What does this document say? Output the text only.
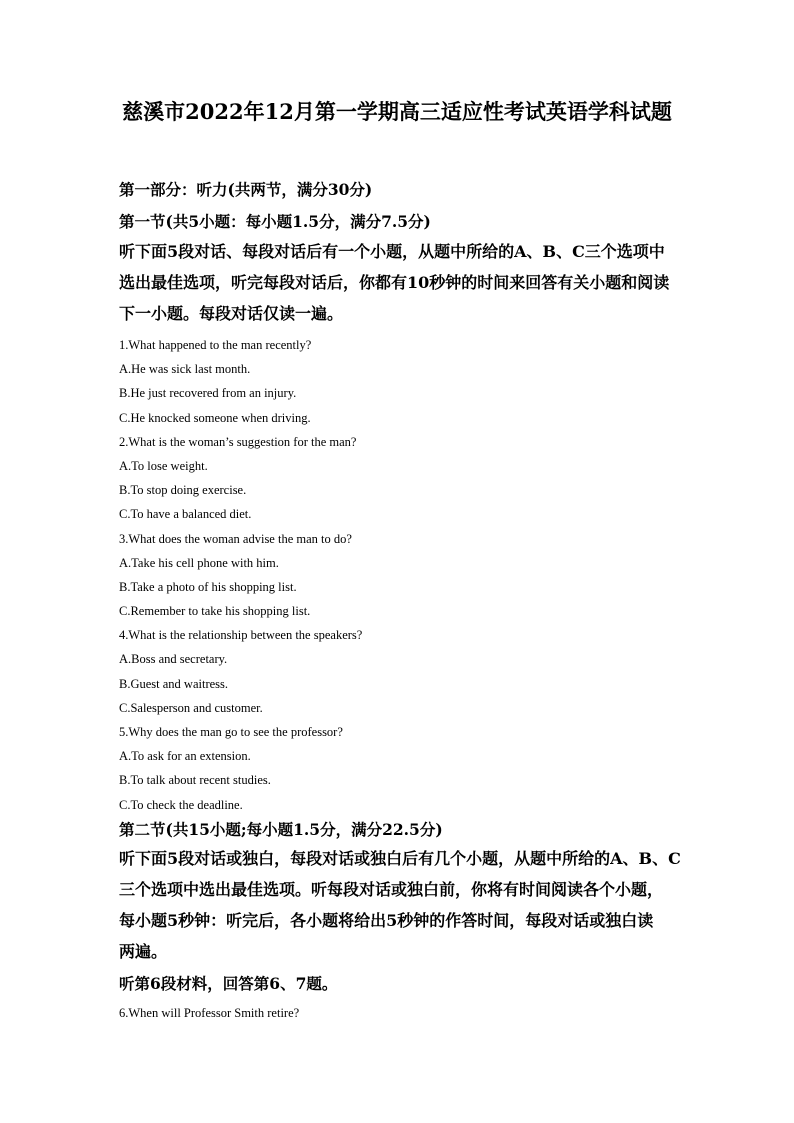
慈溪市2022年12月第一学期高三适应性考试英语学科试题

第一部分：听力(共两节，满分30分)

第一节(共5小题：每小题1.5分，满分7.5分)

听下面5段对话、每段对话后有一个小题，从题中所给的A、B、C三个选项中
选出最佳选项，听完每段对话后，你都有10秒钟的时间来回答有关小题和阅读
下一小题。每段对话仅读一遍。
1.What happened to the man recently?
A.He was sick last month.
B.He just recovered from an injury.
C.He knocked someone when driving.
2.What is the woman’s suggestion for the man?
A.To lose weight.
B.To stop doing exercise.
C.To have a balanced diet.
3.What does the woman advise the man to do?
A.Take his cell phone with him.
B.Take a photo of his shopping list.
C.Remember to take his shopping list.
4.What is the relationship between the speakers?
A.Boss and secretary.
B.Guest and waitress.
C.Salesperson and customer.
5.Why does the man go to see the professor?
A.To ask for an extension.
B.To talk about recent studies.
C.To check the deadline.

第二节(共15小题;每小题1.5分，满分22.5分)

听下面5段对话或独白，每段对话或独白后有几个小题，从题中所给的A、B、C
三个选项中选出最佳选项。听每段对话或独白前，你将有时间阅读各个小题，
每小题5秒钟：听完后，各小题将给出5秒钟的作答时间，每段对话或独白读
两遍。

听第6段材料，回答第6、7题。

6.When will Professor Smith retire?
